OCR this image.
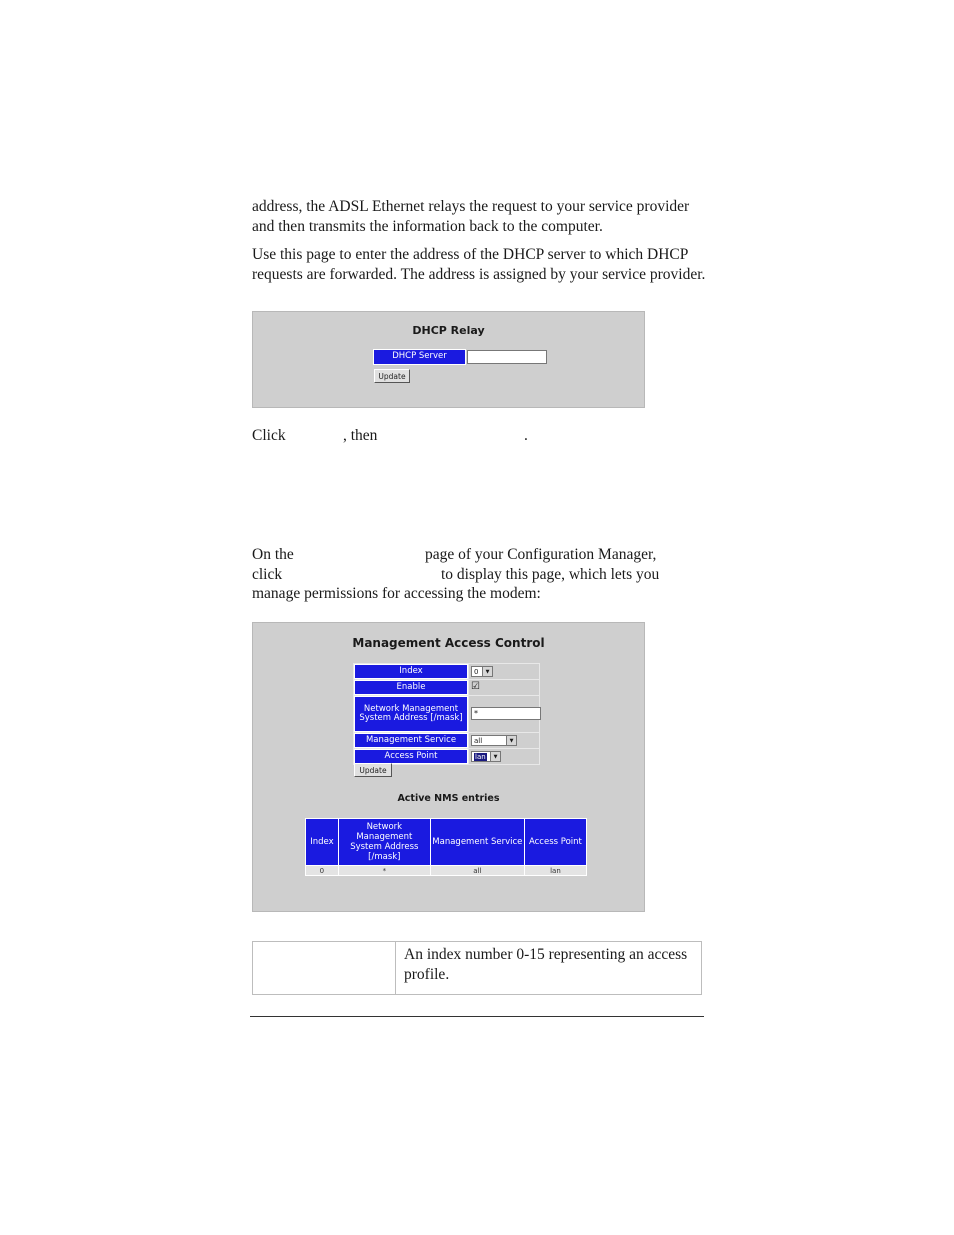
address, the ADSL Ethernet relays the request to your service provider and then transmits the information back to the computer.

Use this page to enter the address of the DHCP server to which DHCP requests are forwarded. The address is assigned by your service provider.

DHCP Relay
DHCP Server
Update
Click	, then	.
On the	page of your Configuration Manager,
click	to display this page, which lets you
manage permissions for accessing the modem:
Management Access Control
Index	0 ▼

Enable	☑

Network Management System Address [/mask]	*

Management Service	all ▼

Access Point	lan ▼
Update
Active NMS entries
Index	Network Management System Address [/mask]	Management Service	Access Point
0	*	all	lan
	An index number 0-15 representing an access profile.
